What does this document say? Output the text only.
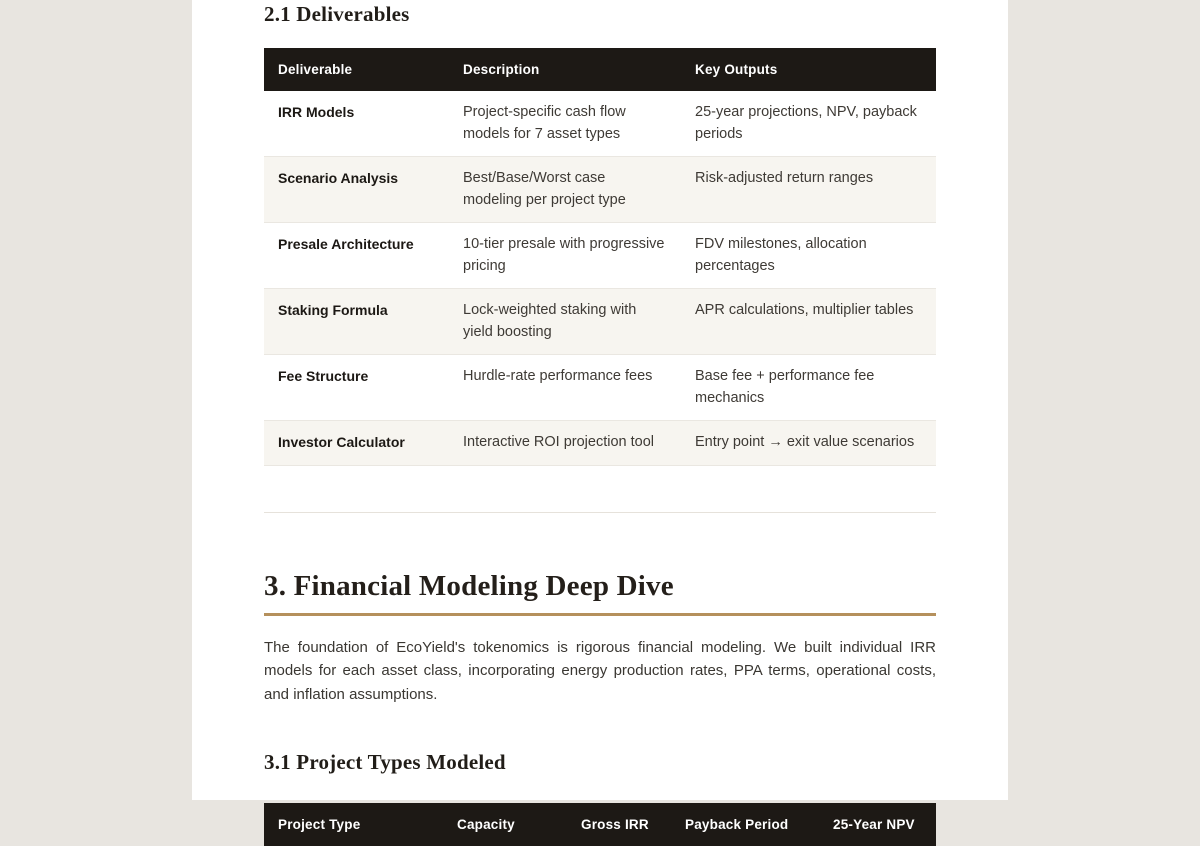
2.1 Deliverables
Deliverable	Description	Key Outputs
IRR Models	Project-specific cash flow models for 7 asset types	25-year projections, NPV, payback periods
Scenario Analysis	Best/Base/Worst case modeling per project type	Risk-adjusted return ranges
Presale Architecture	10-tier presale with progressive pricing	FDV milestones, allocation percentages
Staking Formula	Lock-weighted staking with yield boosting	APR calculations, multiplier tables
Fee Structure	Hurdle-rate performance fees	Base fee + performance fee mechanics
Investor Calculator	Interactive ROI projection tool	Entry point → exit value scenarios
3. Financial Modeling Deep Dive

The foundation of EcoYield's tokenomics is rigorous financial modeling. We built individual IRR models for each asset class, incorporating energy production rates, PPA terms, operational costs, and inflation assumptions.

3.1 Project Types Modeled
Project Type	Capacity	Gross IRR	Payback Period	25-Year NPV
